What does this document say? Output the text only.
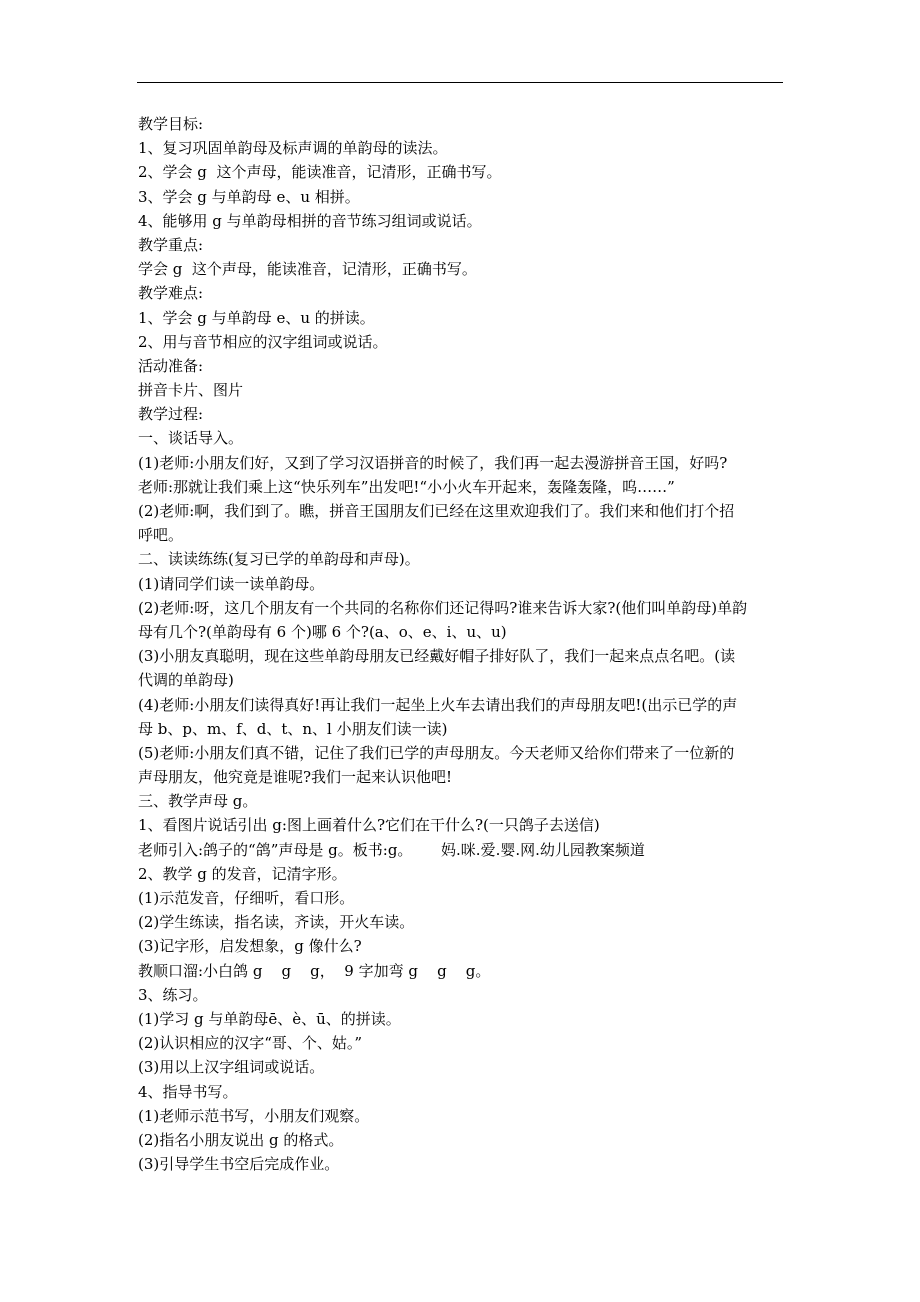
教学目标:
1、复习巩固单韵母及标声调的单韵母的读法。
2、学会 g  这个声母，能读准音，记清形，正确书写。
3、学会 g 与单韵母 e、u 相拼。
4、能够用 g 与单韵母相拼的音节练习组词或说话。
教学重点:
学会 g  这个声母，能读准音，记清形，正确书写。
教学难点:
1、学会 g 与单韵母 e、u 的拼读。
2、用与音节相应的汉字组词或说话。
活动准备:
拼音卡片、图片
教学过程:
一、谈话导入。
(1)老师:小朋友们好，又到了学习汉语拼音的时候了，我们再一起去漫游拼音王国，好吗?
老师:那就让我们乘上这“快乐列车”出发吧!“小小火车开起来，轰隆轰隆，呜……”
(2)老师:啊，我们到了。瞧，拼音王国朋友们已经在这里欢迎我们了。我们来和他们打个招
呼吧。
二、读读练练(复习已学的单韵母和声母)。
(1)请同学们读一读单韵母。
(2)老师:呀，这几个朋友有一个共同的名称你们还记得吗?谁来告诉大家?(他们叫单韵母)单韵
母有几个?(单韵母有 6 个)哪 6 个?(a、o、e、i、u、u)
(3)小朋友真聪明，现在这些单韵母朋友已经戴好帽子排好队了，我们一起来点点名吧。(读
代调的单韵母)
(4)老师:小朋友们读得真好!再让我们一起坐上火车去请出我们的声母朋友吧!(出示已学的声
母 b、p、m、f、d、t、n、l 小朋友们读一读)
(5)老师:小朋友们真不错，记住了我们已学的声母朋友。今天老师又给你们带来了一位新的
声母朋友，他究竟是谁呢?我们一起来认识他吧!
三、教学声母 g。
1、看图片说话引出 g:图上画着什么?它们在干什么?(一只鸽子去送信)
老师引入:鸽子的“鸽”声母是 g。板书:g。      妈.咪.爱.婴.网.幼儿园教案频道
2、教学 g 的发音，记清字形。
(1)示范发音，仔细听，看口形。
(2)学生练读，指名读，齐读，开火车读。
(3)记字形，启发想象，g 像什么?
教顺口溜:小白鸽 g    g    g，  9 字加弯 g    g    g。
3、练习。
(1)学习 g 与单韵母ē、è、ū、的拼读。
(2)认识相应的汉字“哥、个、姑。”
(3)用以上汉字组词或说话。
4、指导书写。
(1)老师示范书写，小朋友们观察。
(2)指名小朋友说出 g 的格式。
(3)引导学生书空后完成作业。
